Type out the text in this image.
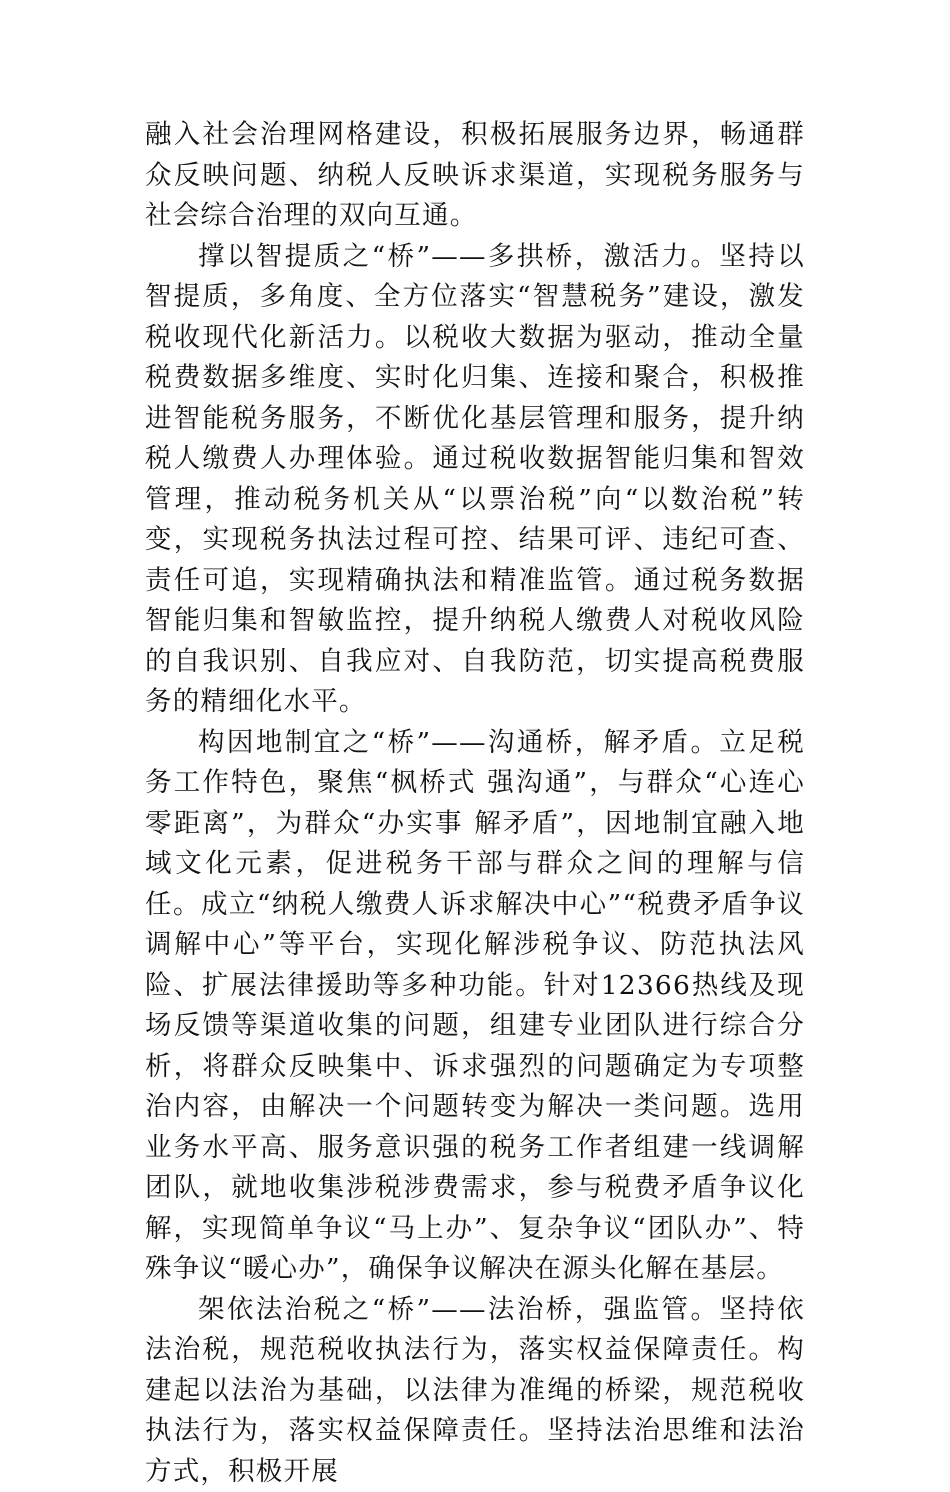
融入社会治理网格建设，积极拓展服务边界，畅通群众反映问题、纳税人反映诉求渠道，实现税务服务与社会综合治理的双向互通。

撑以智提质之“桥”——多拱桥，激活力。坚持以智提质，多角度、全方位落实“智慧税务”建设，激发税收现代化新活力。以税收大数据为驱动，推动全量税费数据多维度、实时化归集、连接和聚合，积极推进智能税务服务，不断优化基层管理和服务，提升纳税人缴费人办理体验。通过税收数据智能归集和智效管理，推动税务机关从“以票治税”向“以数治税”转变，实现税务执法过程可控、结果可评、违纪可查、责任可追，实现精确执法和精准监管。通过税务数据智能归集和智敏监控，提升纳税人缴费人对税收风险的自我识别、自我应对、自我防范，切实提高税费服务的精细化水平。

构因地制宜之“桥”——沟通桥，解矛盾。立足税务工作特色，聚焦“枫桥式 强沟通”，与群众“心连心 零距离”，为群众“办实事 解矛盾”，因地制宜融入地域文化元素，促进税务干部与群众之间的理解与信任。成立“纳税人缴费人诉求解决中心”“税费矛盾争议调解中心”等平台，实现化解涉税争议、防范执法风险、扩展法律援助等多种功能。针对12366热线及现场反馈等渠道收集的问题，组建专业团队进行综合分析，将群众反映集中、诉求强烈的问题确定为专项整治内容，由解决一个问题转变为解决一类问题。选用业务水平高、服务意识强的税务工作者组建一线调解团队，就地收集涉税涉费需求，参与税费矛盾争议化解，实现简单争议“马上办”、复杂争议“团队办”、特殊争议“暖心办”，确保争议解决在源头化解在基层。

架依法治税之“桥”——法治桥，强监管。坚持依法治税，规范税收执法行为，落实权益保障责任。构建起以法治为基础，以法律为准绳的桥梁，规范税收执法行为，落实权益保障责任。坚持法治思维和法治方式，积极开展
